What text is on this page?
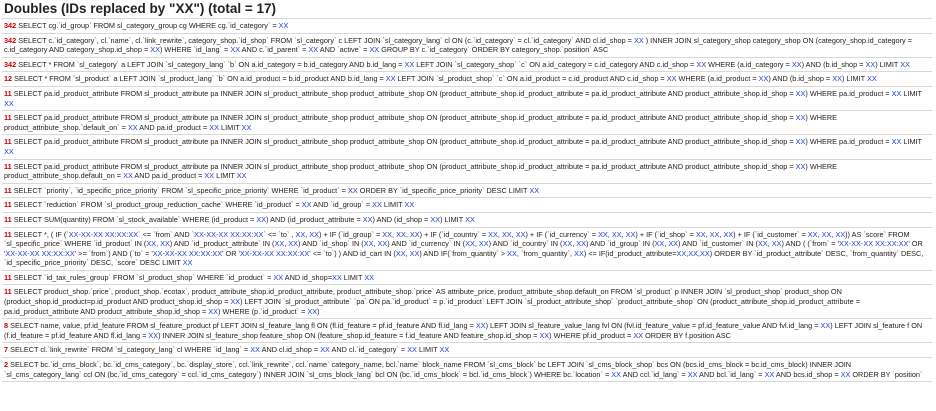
Doubles (IDs replaced by "XX") (total = 17)
342 SELECT cg.`id_group` FROM sl_category_group cg WHERE cg.`id_category` = XX
342 SELECT c.`id_category`, cl.`name`, cl.`link_rewrite`, category_shop.`id_shop` FROM `sl_category` c LEFT JOIN `sl_category_lang` cl ON (c.`id_category` = cl.`id_category` AND cl.id_shop = XX ) INNER JOIN sl_category_shop category_shop ON (category_shop.id_category = c.id_category AND category_shop.id_shop = XX) WHERE `id_lang` = XX AND c.`id_parent` = XX AND `active` = XX GROUP BY c.`id_category` ORDER BY category_shop.`position` ASC
342 SELECT * FROM `sl_category` a LEFT JOIN `sl_category_lang` `b` ON a.id_category = b.id_category AND b.id_lang = XX LEFT JOIN `sl_category_shop` `c` ON a.id_category = c.id_category AND c.id_shop = XX WHERE (a.id_category = XX) AND (b.id_shop = XX) LIMIT XX
12 SELECT * FROM `sl_product` a LEFT JOIN `sl_product_lang` `b` ON a.id_product = b.id_product AND b.id_lang = XX LEFT JOIN `sl_product_shop` `c` ON a.id_product = c.id_product AND c.id_shop = XX WHERE (a.id_product = XX) AND (b.id_shop = XX) LIMIT XX
11 SELECT pa.id_product_attribute FROM sl_product_attribute pa INNER JOIN sl_product_attribute_shop product_attribute_shop ON (product_attribute_shop.id_product_attribute = pa.id_product_attribute AND product_attribute_shop.id_shop = XX) WHERE pa.id_product = XX LIMIT XX
11 SELECT pa.id_product_attribute FROM sl_product_attribute pa INNER JOIN sl_product_attribute_shop product_attribute_shop ON (product_attribute_shop.id_product_attribute = pa.id_product_attribute AND product_attribute_shop.id_shop = XX) WHERE product_attribute_shop.`default_on` = XX AND pa.id_product = XX LIMIT XX
11 SELECT pa.id_product_attribute FROM sl_product_attribute pa INNER JOIN sl_product_attribute_shop product_attribute_shop ON (product_attribute_shop.id_product_attribute = pa.id_product_attribute AND product_attribute_shop.id_shop = XX) WHERE pa.id_product = XX LIMIT XX
11 SELECT pa.id_product_attribute FROM sl_product_attribute pa INNER JOIN sl_product_attribute_shop product_attribute_shop ON (product_attribute_shop.id_product_attribute = pa.id_product_attribute AND product_attribute_shop.id_shop = XX) WHERE product_attribute_shop.default_on = XX AND pa.id_product = XX LIMIT XX
11 SELECT `priority`, `id_specific_price_priority` FROM `sl_specific_price_priority` WHERE `id_product` = XX ORDER BY `id_specific_price_priority` DESC LIMIT XX
11 SELECT `reduction` FROM `sl_product_group_reduction_cache` WHERE `id_product` = XX AND `id_group` = XX LIMIT XX
11 SELECT SUM(quantity) FROM `sl_stock_available` WHERE (id_product = XX) AND (id_product_attribute = XX) AND (id_shop = XX) LIMIT XX
11 SELECT *, ( IF (`XX-XX-XX XX:XX:XX` <= `from` AND `XX-XX-XX XX:XX:XX` <= `to` , XX, XX) + IF (`id_group` = XX, XX, XX) + IF (`id_country` = XX, XX, XX) + IF (`id_currency` = XX, XX, XX) + IF (`id_shop` = XX, XX, XX) + IF (`id_customer` = XX, XX, XX)) AS `score` FROM `sl_specific_price` WHERE `id_product` IN (XX, XX) AND `id_product_attribute` IN (XX, XX) AND `id_shop` IN (XX, XX) AND `id_currency` IN (XX, XX) AND `id_country` IN (XX, XX) AND `id_group` IN (XX, XX) AND `id_customer` IN (XX, XX) AND ( (`from` = 'XX-XX-XX XX:XX:XX' OR 'XX-XX-XX XX:XX:XX' >= `from`) AND (`to` = 'XX-XX-XX XX:XX:XX' OR 'XX-XX-XX XX:XX:XX' <= `to`) ) AND id_cart IN (XX, XX) AND IF(`from_quantity` > XX, `from_quantity`, XX) <= IF(id_product_attribute=XX,XX,XX) ORDER BY `id_product_attribute` DESC, `from_quantity` DESC, `id_specific_price_priority` DESC, `score` DESC LIMIT XX
11 SELECT `id_tax_rules_group` FROM `sl_product_shop` WHERE `id_product` = XX AND id_shop=XX LIMIT XX
11 SELECT product_shop.`price`, product_shop.`ecotax`, product_attribute_shop.id_product_attribute, product_attribute_shop.`price` AS attribute_price, product_attribute_shop.default_on FROM `sl_product` p INNER JOIN `sl_product_shop` product_shop ON (product_shop.id_product=p.id_product AND product_shop.id_shop = XX) LEFT JOIN `sl_product_attribute` `pa` ON pa.`id_product` = p.`id_product` LEFT JOIN `sl_product_attribute_shop` `product_attribute_shop` ON (product_attribute_shop.id_product_attribute = pa.id_product_attribute AND product_attribute_shop.id_shop = XX) WHERE (p.`id_product` = XX)
8 SELECT name, value, pf.id_feature FROM sl_feature_product pf LEFT JOIN sl_feature_lang fl ON (fl.id_feature = pf.id_feature AND fl.id_lang = XX) LEFT JOIN sl_feature_value_lang fvl ON (fvl.id_feature_value = pf.id_feature_value AND fvl.id_lang = XX) LEFT JOIN sl_feature f ON (f.id_feature = pf.id_feature AND fl.id_lang = XX) INNER JOIN sl_feature_shop feature_shop ON (feature_shop.id_feature = f.id_feature AND feature_shop.id_shop = XX) WHERE pf.id_product = XX ORDER BY f.position ASC
7 SELECT cl.`link_rewrite` FROM `sl_category_lang` cl WHERE `id_lang` = XX AND cl.id_shop = XX AND cl.`id_category` = XX LIMIT XX
2 SELECT bc.`id_cms_block`, bc.`id_cms_category`, bc.`display_store`, ccl.`link_rewrite`, ccl.`name` category_name, bcl.`name` block_name FROM `sl_cms_block` bc LEFT JOIN `sl_cms_block_shop` bcs ON (bcs.id_cms_block = bc.id_cms_block) INNER JOIN `sl_cms_category_lang` ccl ON (bc.`id_cms_category` = ccl.`id_cms_category`) INNER JOIN `sl_cms_block_lang` bcl ON (bc.`id_cms_block` = bcl.`id_cms_block`) WHERE bc.`location` = XX AND ccl.`id_lang` = XX AND bcl.`id_lang` = XX AND bcs.id_shop = XX ORDER BY `position`
